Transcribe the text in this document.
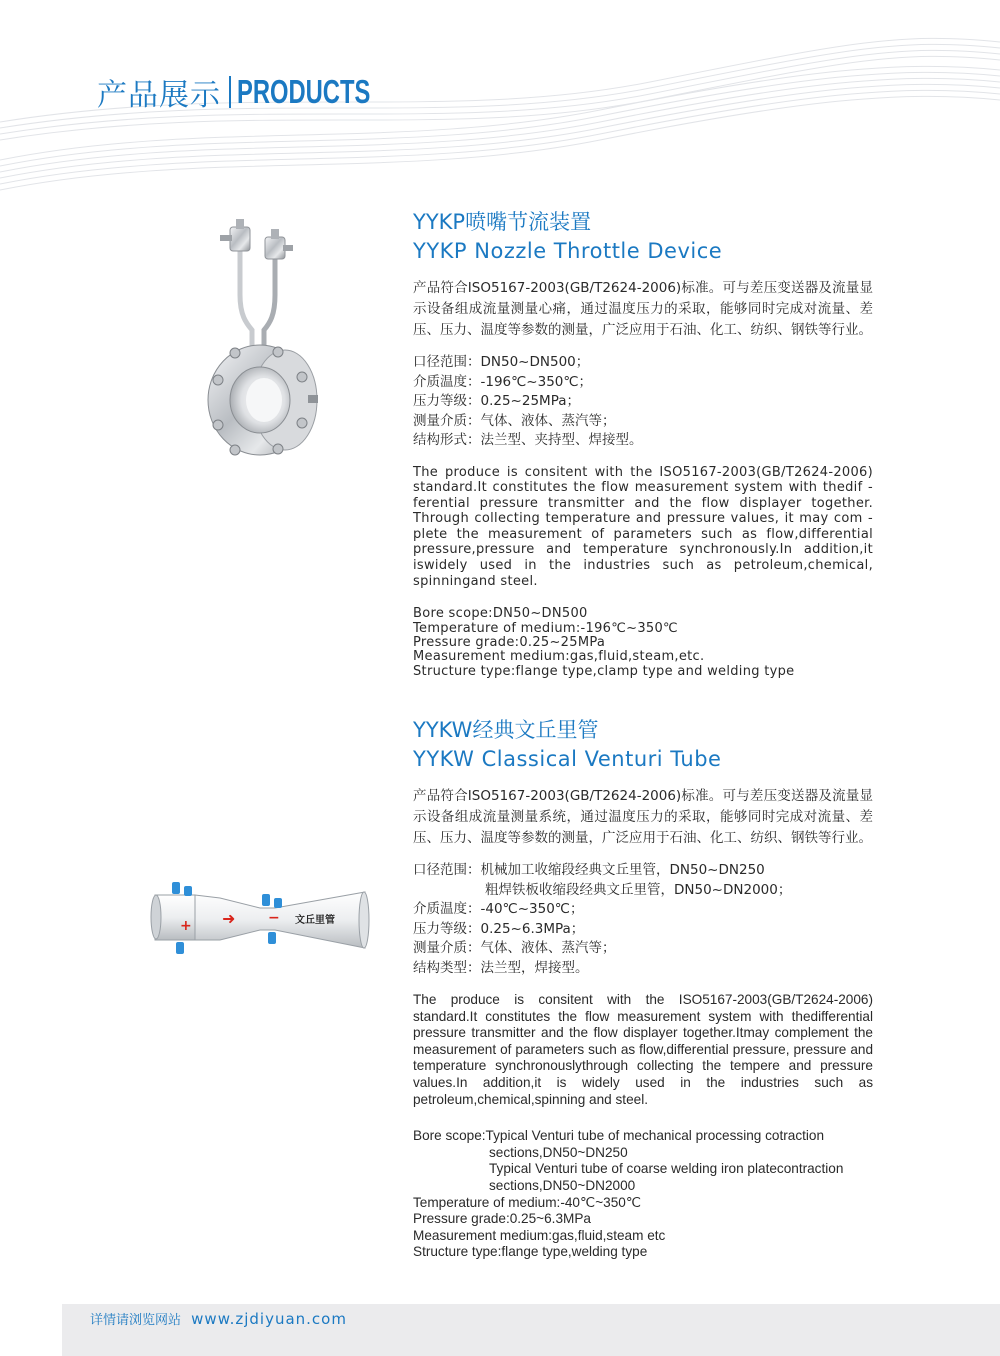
产品展示 PRODUCTS
YYKP喷嘴节流装置
YYKP Nozzle Throttle Device
产品符合ISO5167-2003(GB/T2624-2006)标准。可与差压变送器及流量显示设备组成流量测量心痛，通过温度压力的采取，能够同时完成对流量、差压、压力、温度等参数的测量，广泛应用于石油、化工、纺织、钢铁等行业。
口径范围：DN50~DN500；
介质温度：-196℃~350℃；
压力等级：0.25~25MPa；
测量介质：气体、液体、蒸汽等；
结构形式：法兰型、夹持型、焊接型。
The produce is consitent with the ISO5167-2003(GB/T2624-2006) standard.It constitutes the flow measurement system with thedif -ferential pressure transmitter and the flow displayer together. Through collecting temperature and pressure values, it may com -plete the measurement of parameters such as flow,differential pressure,pressure and temperature synchronously.In addition,it iswidely used in the industries such as petroleum,chemical, spinningand steel.
Bore scope:DN50~DN500
Temperature of medium:-196℃~350℃
Pressure grade:0.25~25MPa
Measurement medium:gas,fluid,steam,etc.
Structure type:flange type,clamp type and welding type
+ ➜ − 文丘里管
YYKW经典文丘里管
YYKW Classical Venturi Tube
产品符合ISO5167-2003(GB/T2624-2006)标准。可与差压变送器及流量显示设备组成流量测量系统，通过温度压力的采取，能够同时完成对流量、差压、压力、温度等参数的测量，广泛应用于石油、化工、纺织、钢铁等行业。
口径范围：机械加工收缩段经典文丘里管，DN50~DN250
粗焊铁板收缩段经典文丘里管，DN50~DN2000；
介质温度：-40℃~350℃；
压力等级：0.25~6.3MPa；
测量介质：气体、液体、蒸汽等；
结构类型：法兰型，焊接型。
The produce is consitent with the ISO5167-2003(GB/T2624-2006) standard.It constitutes the flow measurement system with thedifferential pressure transmitter and the flow displayer together.Itmay complement the measurement of parameters such as flow,differential pressure, pressure and temperature synchronouslythrough collecting the tempere and pressure values.In addition,it is widely used in the industries such as petroleum,chemical,spinning and steel.
Bore scope:Typical Venturi tube of mechanical processing cotraction
sections,DN50~DN250
Typical Venturi tube of coarse welding iron platecontraction
sections,DN50~DN2000
Temperature of medium:-40℃~350℃
Pressure grade:0.25~6.3MPa
Measurement medium:gas,fluid,steam etc
Structure type:flange type,welding type
详情请浏览网站 www.zjdiyuan.com
